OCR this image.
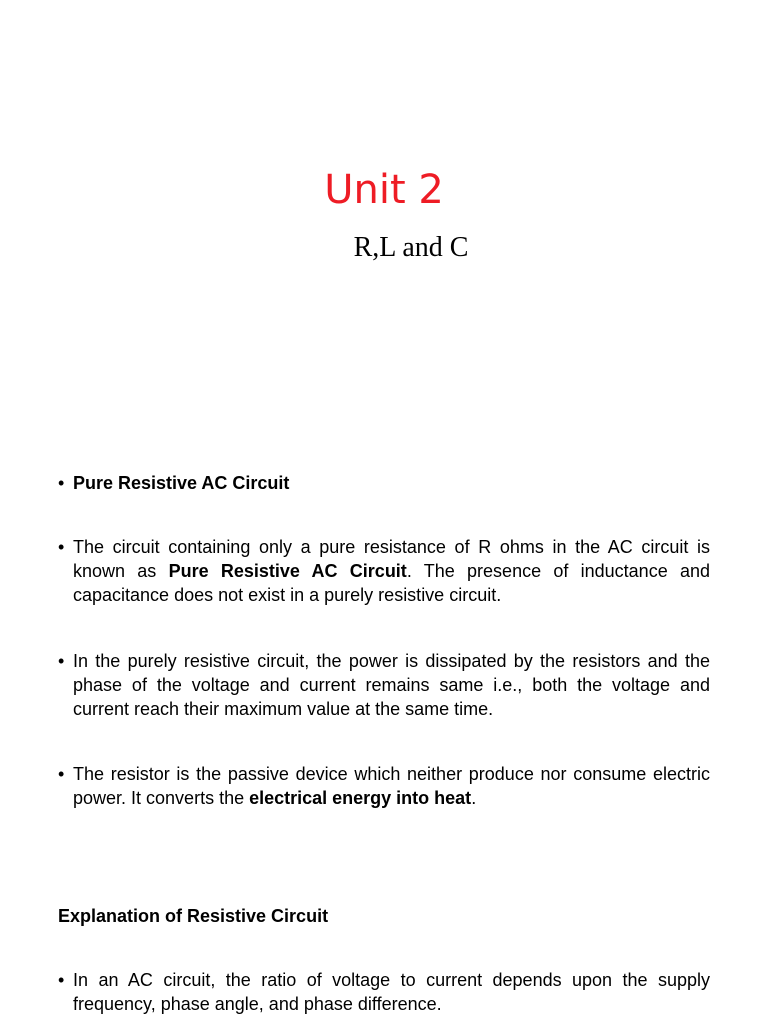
Unit 2
R,L and C
• Pure Resistive AC Circuit
• The circuit containing only a pure resistance of R ohms in the AC circuit is known as Pure Resistive AC Circuit. The presence of inductance and capacitance does not exist in a purely resistive circuit.
• In the purely resistive circuit, the power is dissipated by the resistors and the phase of the voltage and current remains same i.e., both the voltage and current reach their maximum value at the same time.
• The resistor is the passive device which neither produce nor consume electric power. It converts the electrical energy into heat.
Explanation of Resistive Circuit
• In an AC circuit, the ratio of voltage to current depends upon the supply frequency, phase angle, and phase difference.
